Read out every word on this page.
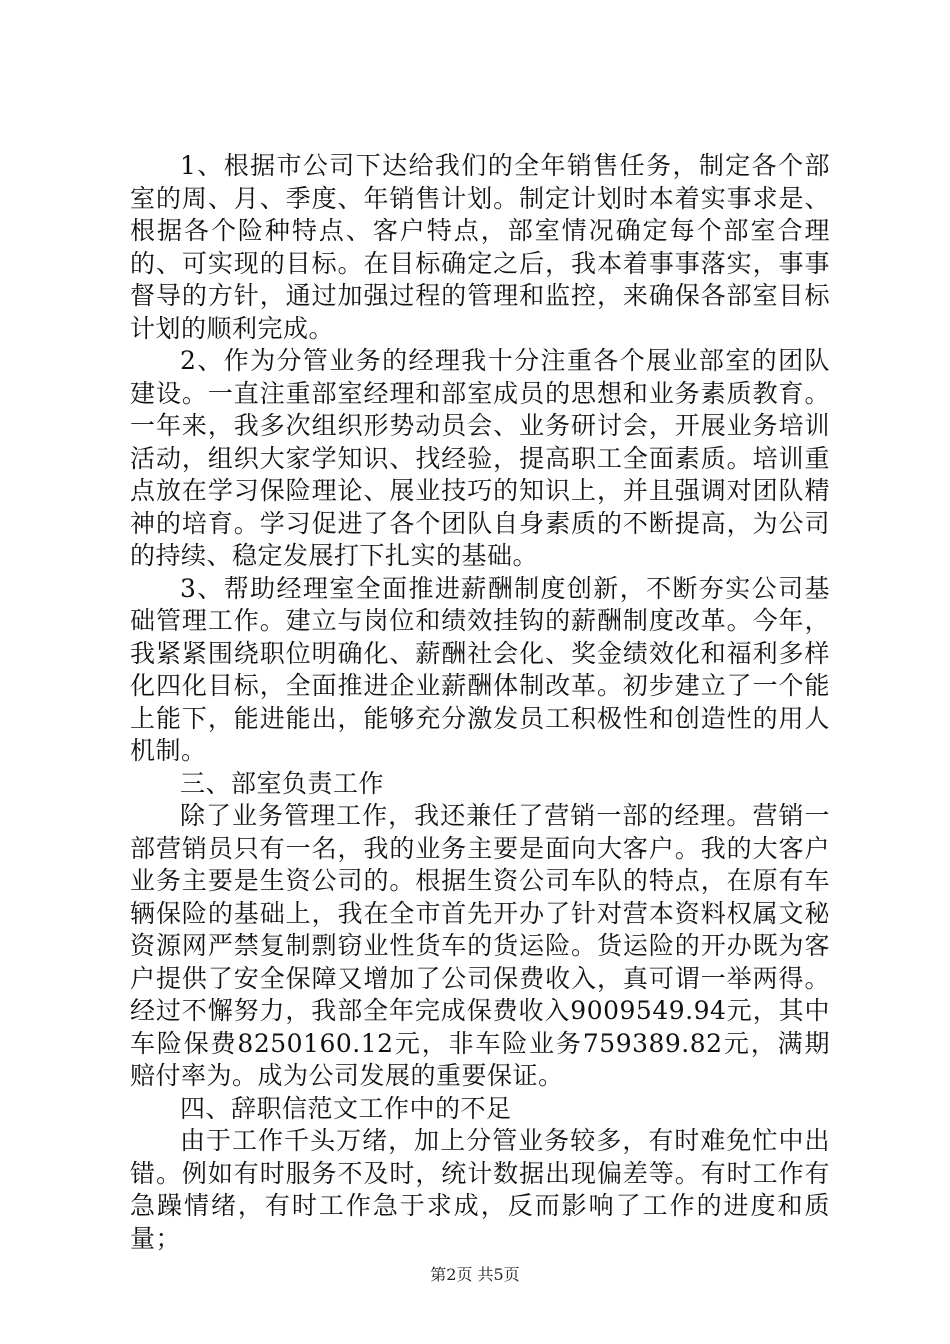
1、根据市公司下达给我们的全年销售任务，制定各个部室的周、月、季度、年销售计划。制定计划时本着实事求是、根据各个险种特点、客户特点，部室情况确定每个部室合理的、可实现的目标。在目标确定之后，我本着事事落实，事事督导的方针，通过加强过程的管理和监控，来确保各部室目标计划的顺利完成。

2、作为分管业务的经理我十分注重各个展业部室的团队建设。一直注重部室经理和部室成员的思想和业务素质教育。一年来，我多次组织形势动员会、业务研讨会，开展业务培训活动，组织大家学知识、找经验，提高职工全面素质。培训重点放在学习保险理论、展业技巧的知识上，并且强调对团队精神的培育。学习促进了各个团队自身素质的不断提高，为公司的持续、稳定发展打下扎实的基础。

3、帮助经理室全面推进薪酬制度创新，不断夯实公司基础管理工作。建立与岗位和绩效挂钩的薪酬制度改革。今年，我紧紧围绕职位明确化、薪酬社会化、奖金绩效化和福利多样化四化目标，全面推进企业薪酬体制改革。初步建立了一个能上能下，能进能出，能够充分激发员工积极性和创造性的用人机制。

三、部室负责工作

除了业务管理工作，我还兼任了营销一部的经理。营销一部营销员只有一名，我的业务主要是面向大客户。我的大客户业务主要是生资公司的。根据生资公司车队的特点，在原有车辆保险的基础上，我在全市首先开办了针对营本资料权属文秘资源网严禁复制剽窃业性货车的货运险。货运险的开办既为客户提供了安全保障又增加了公司保费收入，真可谓一举两得。经过不懈努力，我部全年完成保费收入9009549.94元，其中车险保费8250160.12元，非车险业务759389.82元，满期赔付率为。成为公司发展的重要保证。

四、辞职信范文工作中的不足

由于工作千头万绪，加上分管业务较多，有时难免忙中出错。例如有时服务不及时，统计数据出现偏差等。有时工作有急躁情绪，有时工作急于求成，反而影响了工作的进度和质量；

第2页 共5页
